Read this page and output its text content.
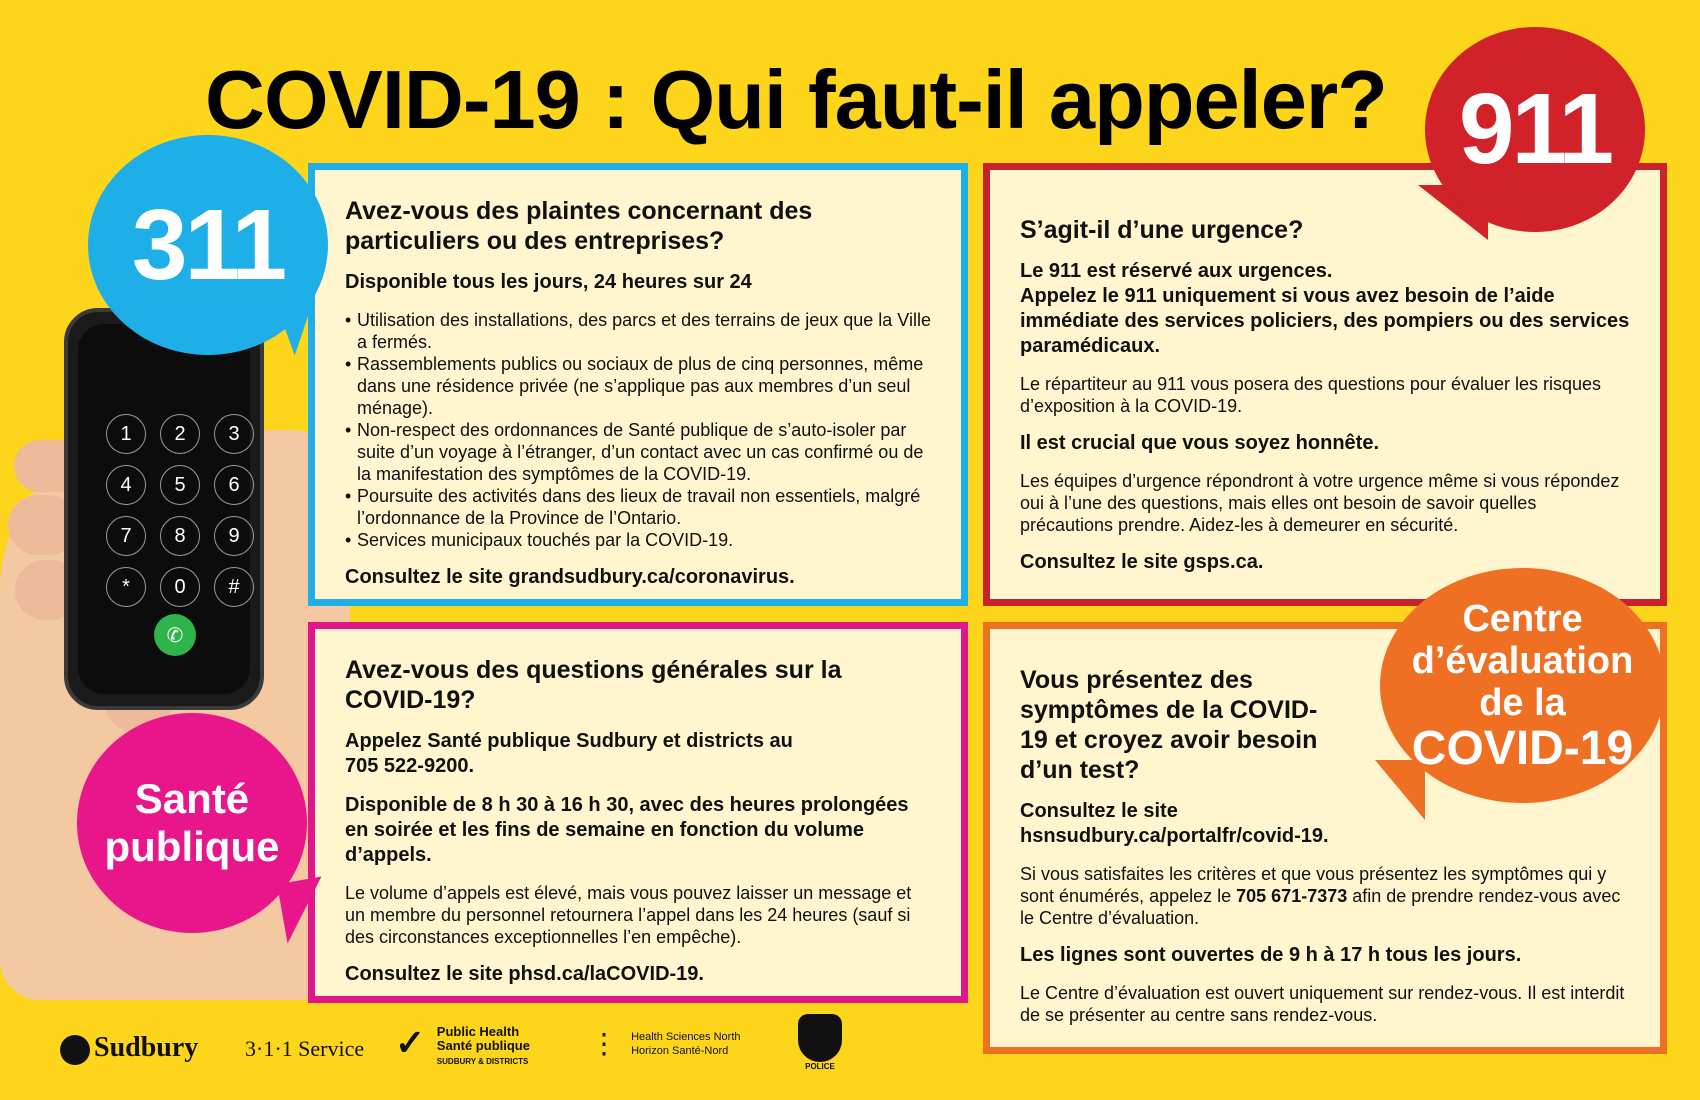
COVID-19 : Qui faut-il appeler?
1	2	3
4	5	6
7	8	9
*	0	#
✆

Avez-vous des plaintes concernant des particuliers ou des entreprises?

Disponible tous les jours, 24 heures sur 24

• Utilisation des installations, des parcs et des terrains de jeux que la Ville a fermés.
• Rassemblements publics ou sociaux de plus de cinq personnes, même dans une résidence privée (ne s’applique pas aux membres d’un seul ménage).
• Non-respect des ordonnances de Santé publique de s’auto-isoler par suite d’un voyage à l’étranger, d’un contact avec un cas confirmé ou de la manifestation des symptômes de la COVID-19.
• Poursuite des activités dans des lieux de travail non essentiels, malgré l’ordonnance de la Province de l’Ontario.
• Services municipaux touchés par la COVID-19.

Consultez le site grandsudbury.ca/coronavirus.

S’agit-il d’une urgence?

Le 911 est réservé aux urgences.

Appelez le 911 uniquement si vous avez besoin de l’aide immédiate des services policiers, des pompiers ou des services paramédicaux.

Le répartiteur au 911 vous posera des questions pour évaluer les risques d’exposition à la COVID-19.

Il est crucial que vous soyez honnête.

Les équipes d’urgence répondront à votre urgence même si vous répondez oui à l’une des questions, mais elles ont besoin de savoir quelles précautions prendre. Aidez-les à demeurer en sécurité.

Consultez le site gsps.ca.

Avez-vous des questions générales sur la COVID-19?

Appelez Santé publique Sudbury et districts au 705 522-9200.

Disponible de 8 h 30 à 16 h 30, avec des heures prolongées en soirée et les fins de semaine en fonction du volume d’appels.

Le volume d’appels est élevé, mais vous pouvez laisser un message et un membre du personnel retournera l’appel dans les 24 heures (sauf si des circonstances exceptionnelles l’en empêche).

Consultez le site phsd.ca/laCOVID-19.

Vous présentez des symptômes de la COVID-19 et croyez avoir besoin d’un test?

Consultez le site hsnsudbury.ca/portalfr/covid-19.

Si vous satisfaites les critères et que vous présentez les symptômes qui y sont énumérés, appelez le 705 671-7373 afin de prendre rendez-vous avec le Centre d’évaluation.

Les lignes sont ouvertes de 9 h à 17 h tous les jours.

Le Centre d’évaluation est ouvert uniquement sur rendez-vous. Il est interdit de se présenter au centre sans rendez-vous.

311
911
Santé
publique
Centre
d’évaluation
de la
COVID-19
Sudbury 3·1·1 Service ✓ Public Health
Santé publique
SUDBURY & DISTRICTS
⋮ Health Sciences North
Horizon Santé-Nord
POLICE
